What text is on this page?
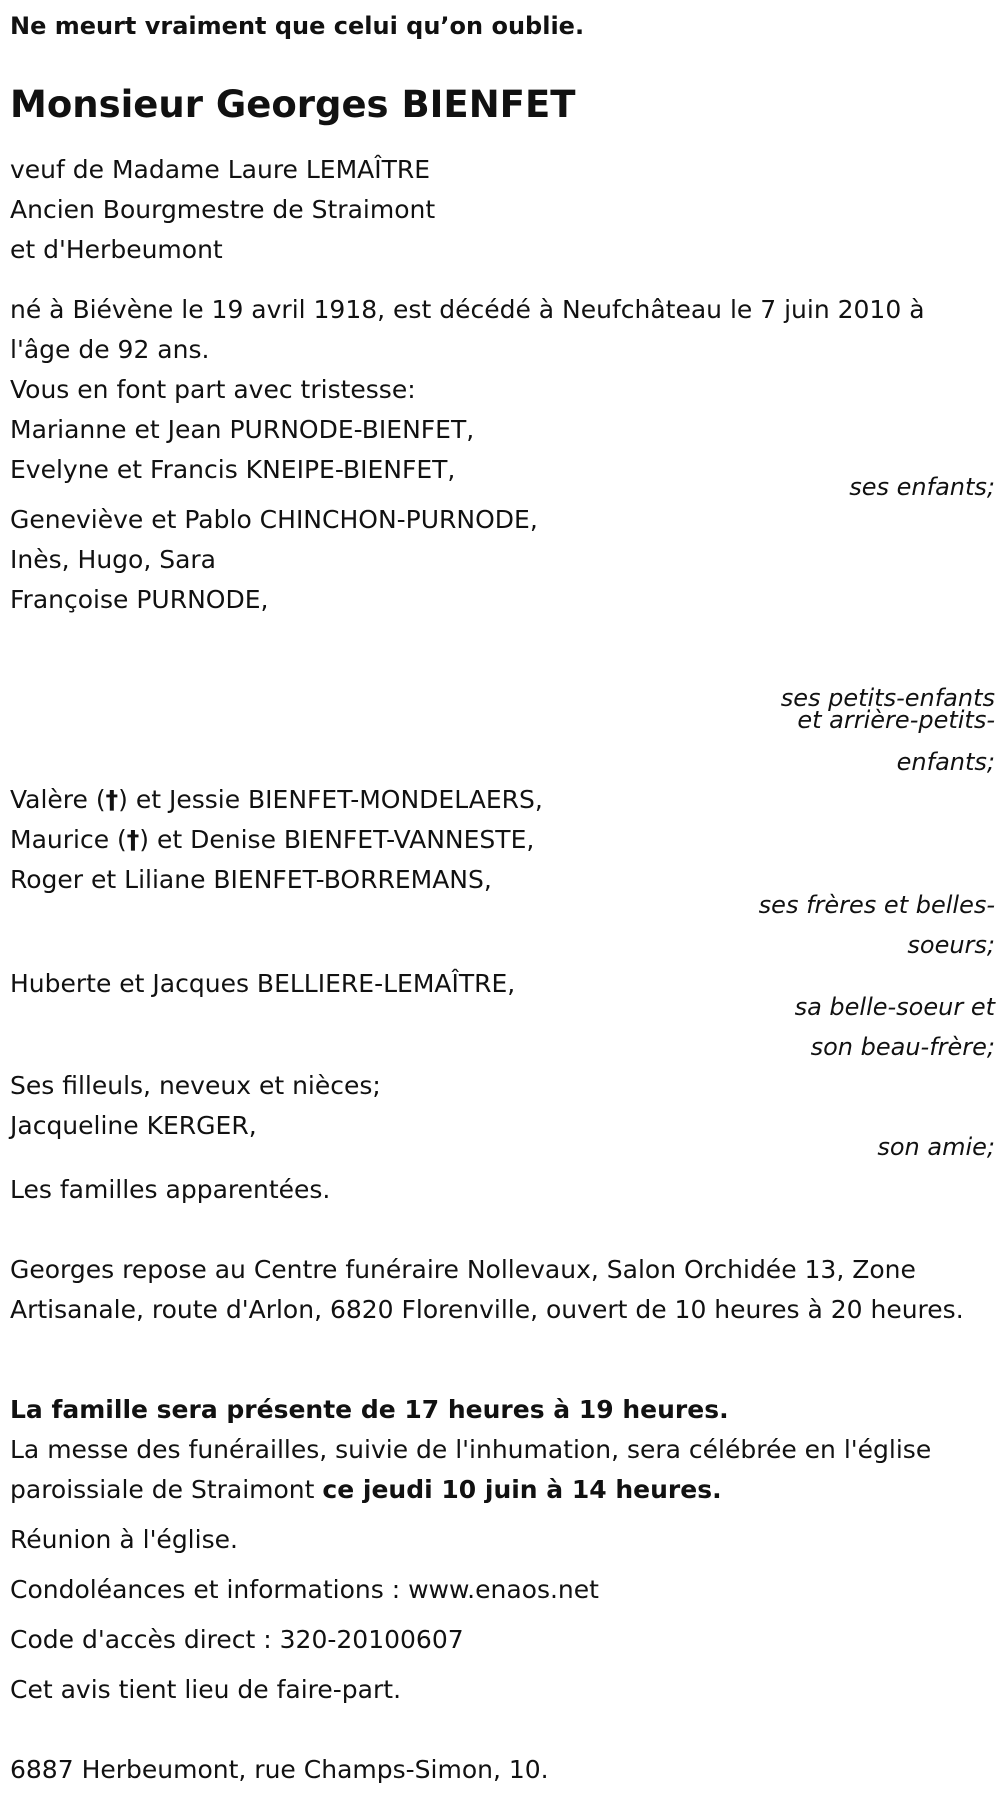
Ne meurt vraiment que celui qu’on oublie.
Monsieur Georges BIENFET
veuf de Madame Laure LEMAÎTRE
Ancien Bourgmestre de Straimont
et d'Herbeumont
né à Biévène le 19 avril 1918, est décédé à Neufchâteau le 7 juin 2010 à l'âge de 92 ans.
Vous en font part avec tristesse:
Marianne et Jean PURNODE-BIENFET,
Evelyne et Francis KNEIPE-BIENFET,
ses enfants;
Geneviève et Pablo CHINCHON-PURNODE,
Inès, Hugo, Sara
Françoise PURNODE,
ses petits-enfants
et arrière-petits-
enfants;
Valère (†) et Jessie BIENFET-MONDELAERS,
Maurice (†) et Denise BIENFET-VANNESTE,
Roger et Liliane BIENFET-BORREMANS,
ses frères et belles-
soeurs;
Huberte et Jacques BELLIERE-LEMAÎTRE,
sa belle-soeur et
son beau-frère;
Ses filleuls, neveux et nièces;
Jacqueline KERGER,
son amie;
Les familles apparentées.
Georges repose au Centre funéraire Nollevaux, Salon Orchidée 13, Zone Artisanale, route d'Arlon, 6820 Florenville, ouvert de 10 heures à 20 heures.
La famille sera présente de 17 heures à 19 heures.
La messe des funérailles, suivie de l'inhumation, sera célébrée en l'église paroissiale de Straimont ce jeudi 10 juin à 14 heures.
Réunion à l'église.
Condoléances et informations : www.enaos.net
Code d'accès direct : 320-20100607
Cet avis tient lieu de faire-part.
6887 Herbeumont, rue Champs-Simon, 10.
